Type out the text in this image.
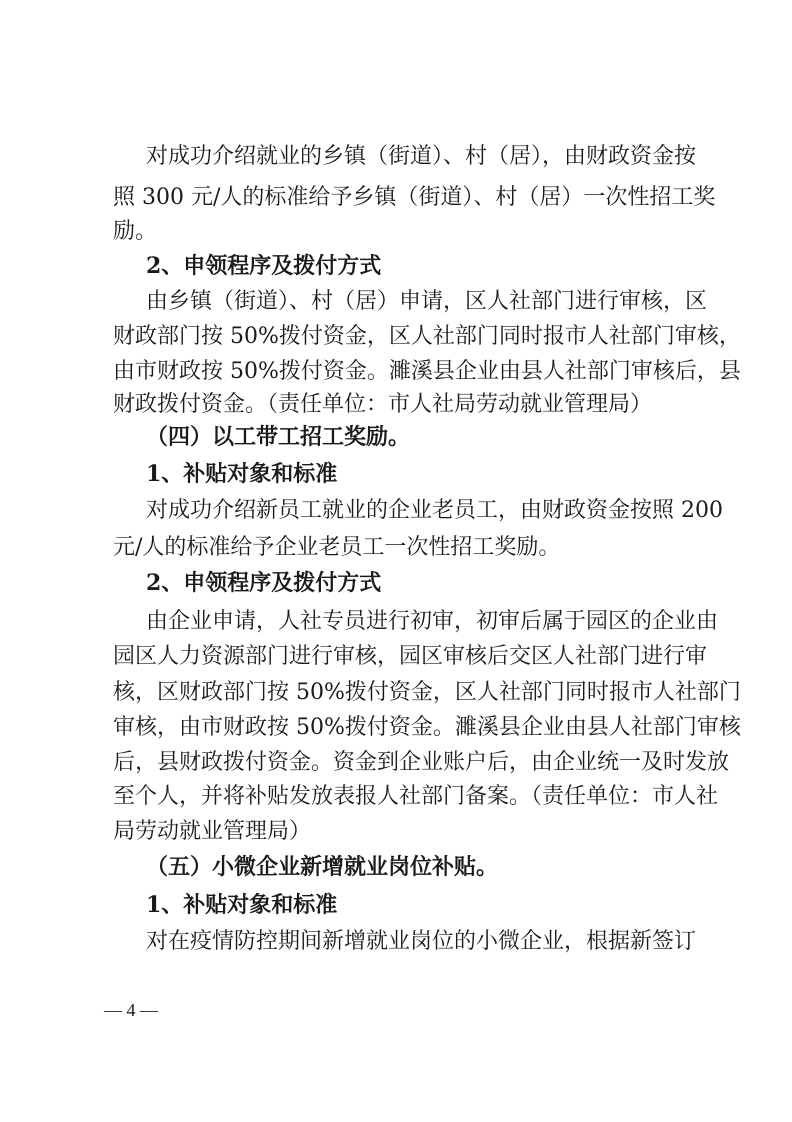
对成功介绍就业的乡镇（街道）、村（居），由财政资金按
照 300 元/人的标准给予乡镇（街道）、村（居）一次性招工奖
励。
2、申领程序及拨付方式
由乡镇（街道）、村（居）申请，区人社部门进行审核，区
财政部门按 50%拨付资金，区人社部门同时报市人社部门审核，
由市财政按 50%拨付资金。濉溪县企业由县人社部门审核后，县
财政拨付资金。（责任单位：市人社局劳动就业管理局）
（四）以工带工招工奖励。
1、补贴对象和标准
对成功介绍新员工就业的企业老员工，由财政资金按照 200
元/人的标准给予企业老员工一次性招工奖励。
2、申领程序及拨付方式
由企业申请，人社专员进行初审，初审后属于园区的企业由
园区人力资源部门进行审核，园区审核后交区人社部门进行审
核，区财政部门按 50%拨付资金，区人社部门同时报市人社部门
审核，由市财政按 50%拨付资金。濉溪县企业由县人社部门审核
后，县财政拨付资金。资金到企业账户后，由企业统一及时发放
至个人，并将补贴发放表报人社部门备案。（责任单位：市人社
局劳动就业管理局）
（五）小微企业新增就业岗位补贴。
1、补贴对象和标准
对在疫情防控期间新增就业岗位的小微企业，根据新签订
— 4 —
